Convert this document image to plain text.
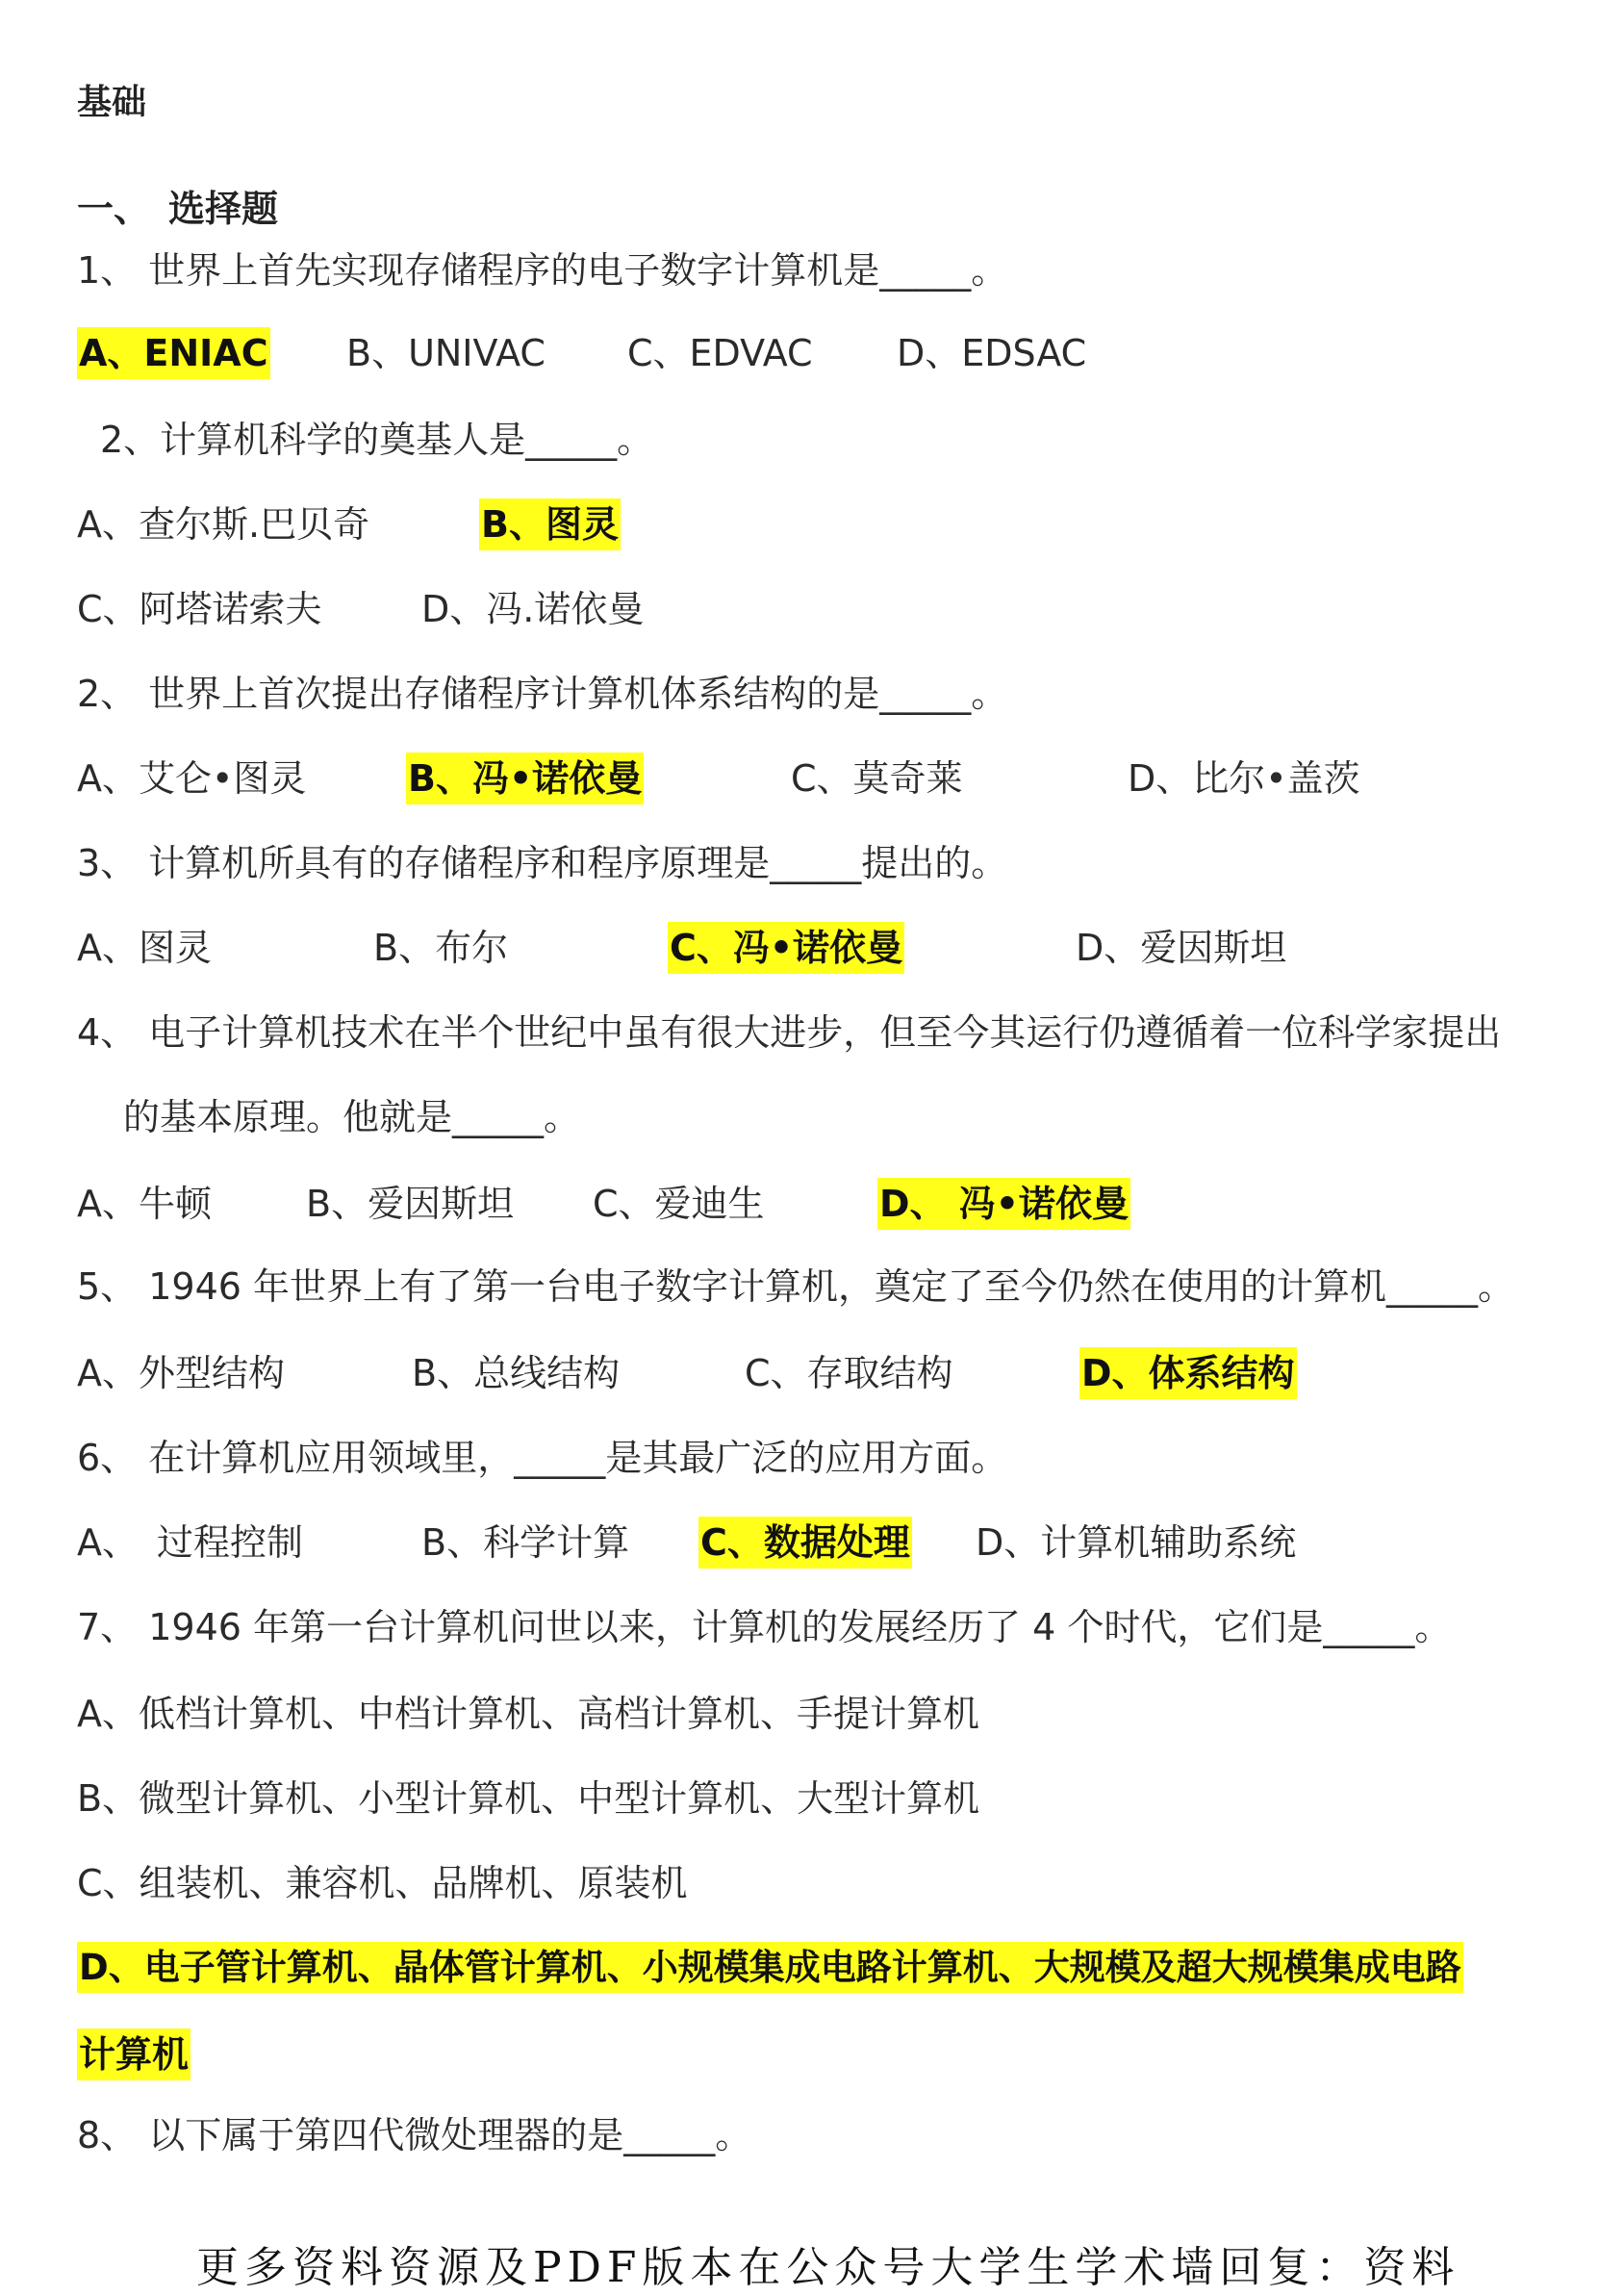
基础
一、　选择题
1、 世界上首先实现存储程序的电子数字计算机是_____。
A、ENIAC B、UNIVAC C、EDVAC D、EDSAC
2、计算机科学的奠基人是_____。
A、查尔斯.巴贝奇	B、图灵
C、阿塔诺索夫	D、冯.诺依曼
2、 世界上首次提出存储程序计算机体系结构的是_____。
A、艾仑•图灵	B、冯•诺依曼	C、莫奇莱	D、比尔•盖茨
3、 计算机所具有的存储程序和程序原理是_____提出的。
A、图灵	B、布尔	C、冯•诺依曼	D、爱因斯坦
4、 电子计算机技术在半个世纪中虽有很大进步，但至今其运行仍遵循着一位科学家提出
的基本原理。他就是_____。
A、牛顿	B、爱因斯坦 C、爱迪生	D、 冯•诺依曼
5、 1946 年世界上有了第一台电子数字计算机，奠定了至今仍然在使用的计算机_____。
A、外型结构	B、总线结构	C、存取结构	D、体系结构
6、 在计算机应用领域里，_____是其最广泛的应用方面。
A、　过程控制	B、科学计算 C、数据处理 D、计算机辅助系统
7、 1946 年第一台计算机问世以来，计算机的发展经历了 4 个时代，它们是_____。
A、低档计算机、中档计算机、高档计算机、手提计算机
B、微型计算机、小型计算机、中型计算机、大型计算机
C、组装机、兼容机、品牌机、原装机
D、电子管计算机、晶体管计算机、小规模集成电路计算机、大规模及超大规模集成电路
计算机
8、 以下属于第四代微处理器的是_____。
更多资料资源及PDF版本在公众号大学生学术墙回复：资料
